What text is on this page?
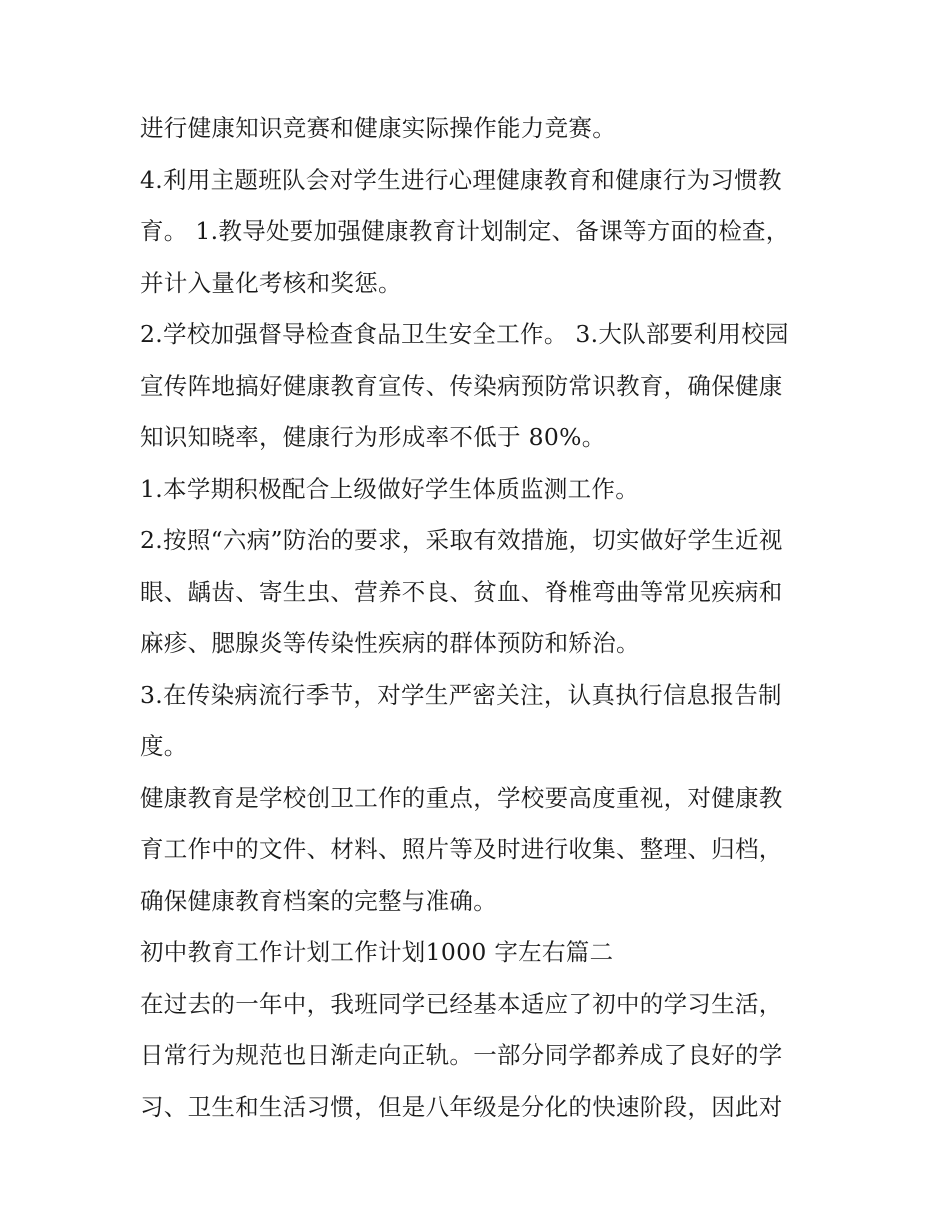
进行健康知识竞赛和健康实际操作能力竞赛。
4.利用主题班队会对学生进行心理健康教育和健康行为习惯教
育。 1.教导处要加强健康教育计划制定、备课等方面的检查，
并计入量化考核和奖惩。
2.学校加强督导检查食品卫生安全工作。 3.大队部要利用校园
宣传阵地搞好健康教育宣传、传染病预防常识教育，确保健康
知识知晓率，健康行为形成率不低于 80%。
1.本学期积极配合上级做好学生体质监测工作。
2.按照“六病”防治的要求，采取有效措施，切实做好学生近视
眼、龋齿、寄生虫、营养不良、贫血、脊椎弯曲等常见疾病和
麻疹、腮腺炎等传染性疾病的群体预防和矫治。
3.在传染病流行季节，对学生严密关注，认真执行信息报告制
度。
健康教育是学校创卫工作的重点，学校要高度重视，对健康教
育工作中的文件、材料、照片等及时进行收集、整理、归档，
确保健康教育档案的完整与准确。
初中教育工作计划工作计划1000 字左右篇二
在过去的一年中，我班同学已经基本适应了初中的学习生活，
日常行为规范也日渐走向正轨。一部分同学都养成了良好的学
习、卫生和生活习惯，但是八年级是分化的快速阶段，因此对
